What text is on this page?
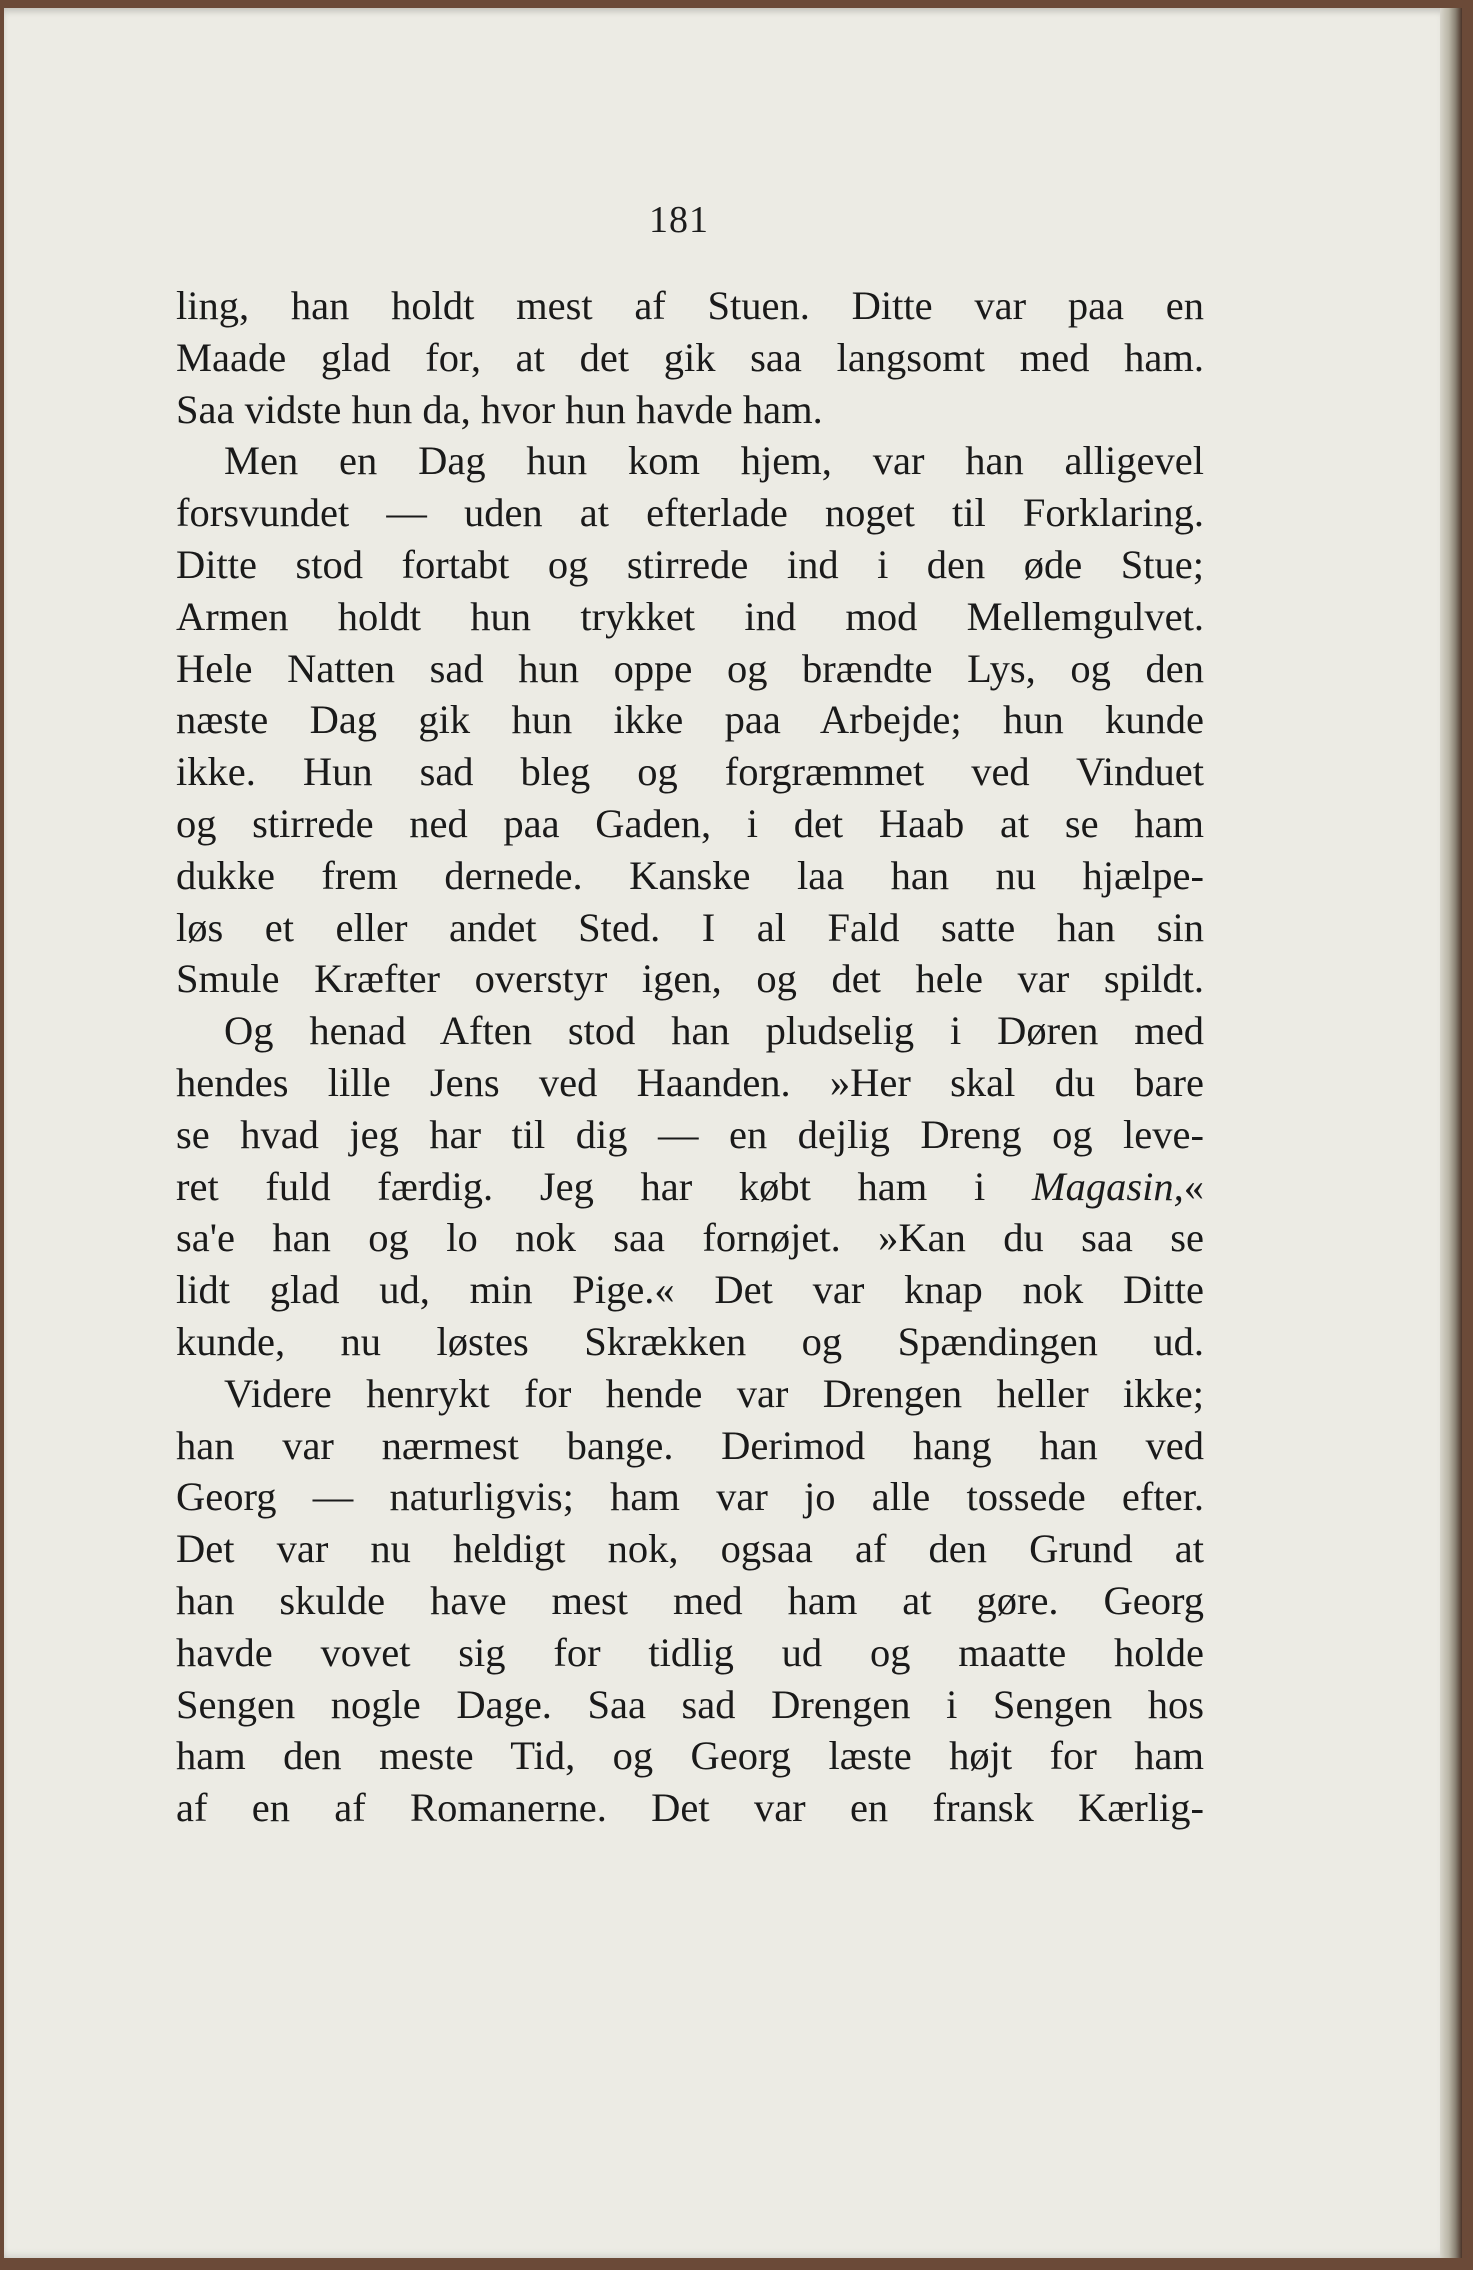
181
ling, han holdt mest af Stuen. Ditte var paa en
Maade glad for, at det gik saa langsomt med ham.
Saa vidste hun da, hvor hun havde ham.
Men en Dag hun kom hjem, var han alligevel
forsvundet — uden at efterlade noget til Forklaring.
Ditte stod fortabt og stirrede ind i den øde Stue;
Armen holdt hun trykket ind mod Mellemgulvet.
Hele Natten sad hun oppe og brændte Lys, og den
næste Dag gik hun ikke paa Arbejde; hun kunde
ikke. Hun sad bleg og forgræmmet ved Vinduet
og stirrede ned paa Gaden, i det Haab at se ham
dukke frem dernede. Kanske laa han nu hjælpe-
løs et eller andet Sted. I al Fald satte han sin
Smule Kræfter overstyr igen, og det hele var spildt.
Og henad Aften stod han pludselig i Døren med
hendes lille Jens ved Haanden. »Her skal du bare
se hvad jeg har til dig — en dejlig Dreng og leve-
ret fuld færdig. Jeg har købt ham i Magasin,«
sa'e han og lo nok saa fornøjet. »Kan du saa se
lidt glad ud, min Pige.« Det var knap nok Ditte
kunde, nu løstes Skrækken og Spændingen ud.
Videre henrykt for hende var Drengen heller ikke;
han var nærmest bange. Derimod hang han ved
Georg — naturligvis; ham var jo alle tossede efter.
Det var nu heldigt nok, ogsaa af den Grund at
han skulde have mest med ham at gøre. Georg
havde vovet sig for tidlig ud og maatte holde
Sengen nogle Dage. Saa sad Drengen i Sengen hos
ham den meste Tid, og Georg læste højt for ham
af en af Romanerne. Det var en fransk Kærlig-
